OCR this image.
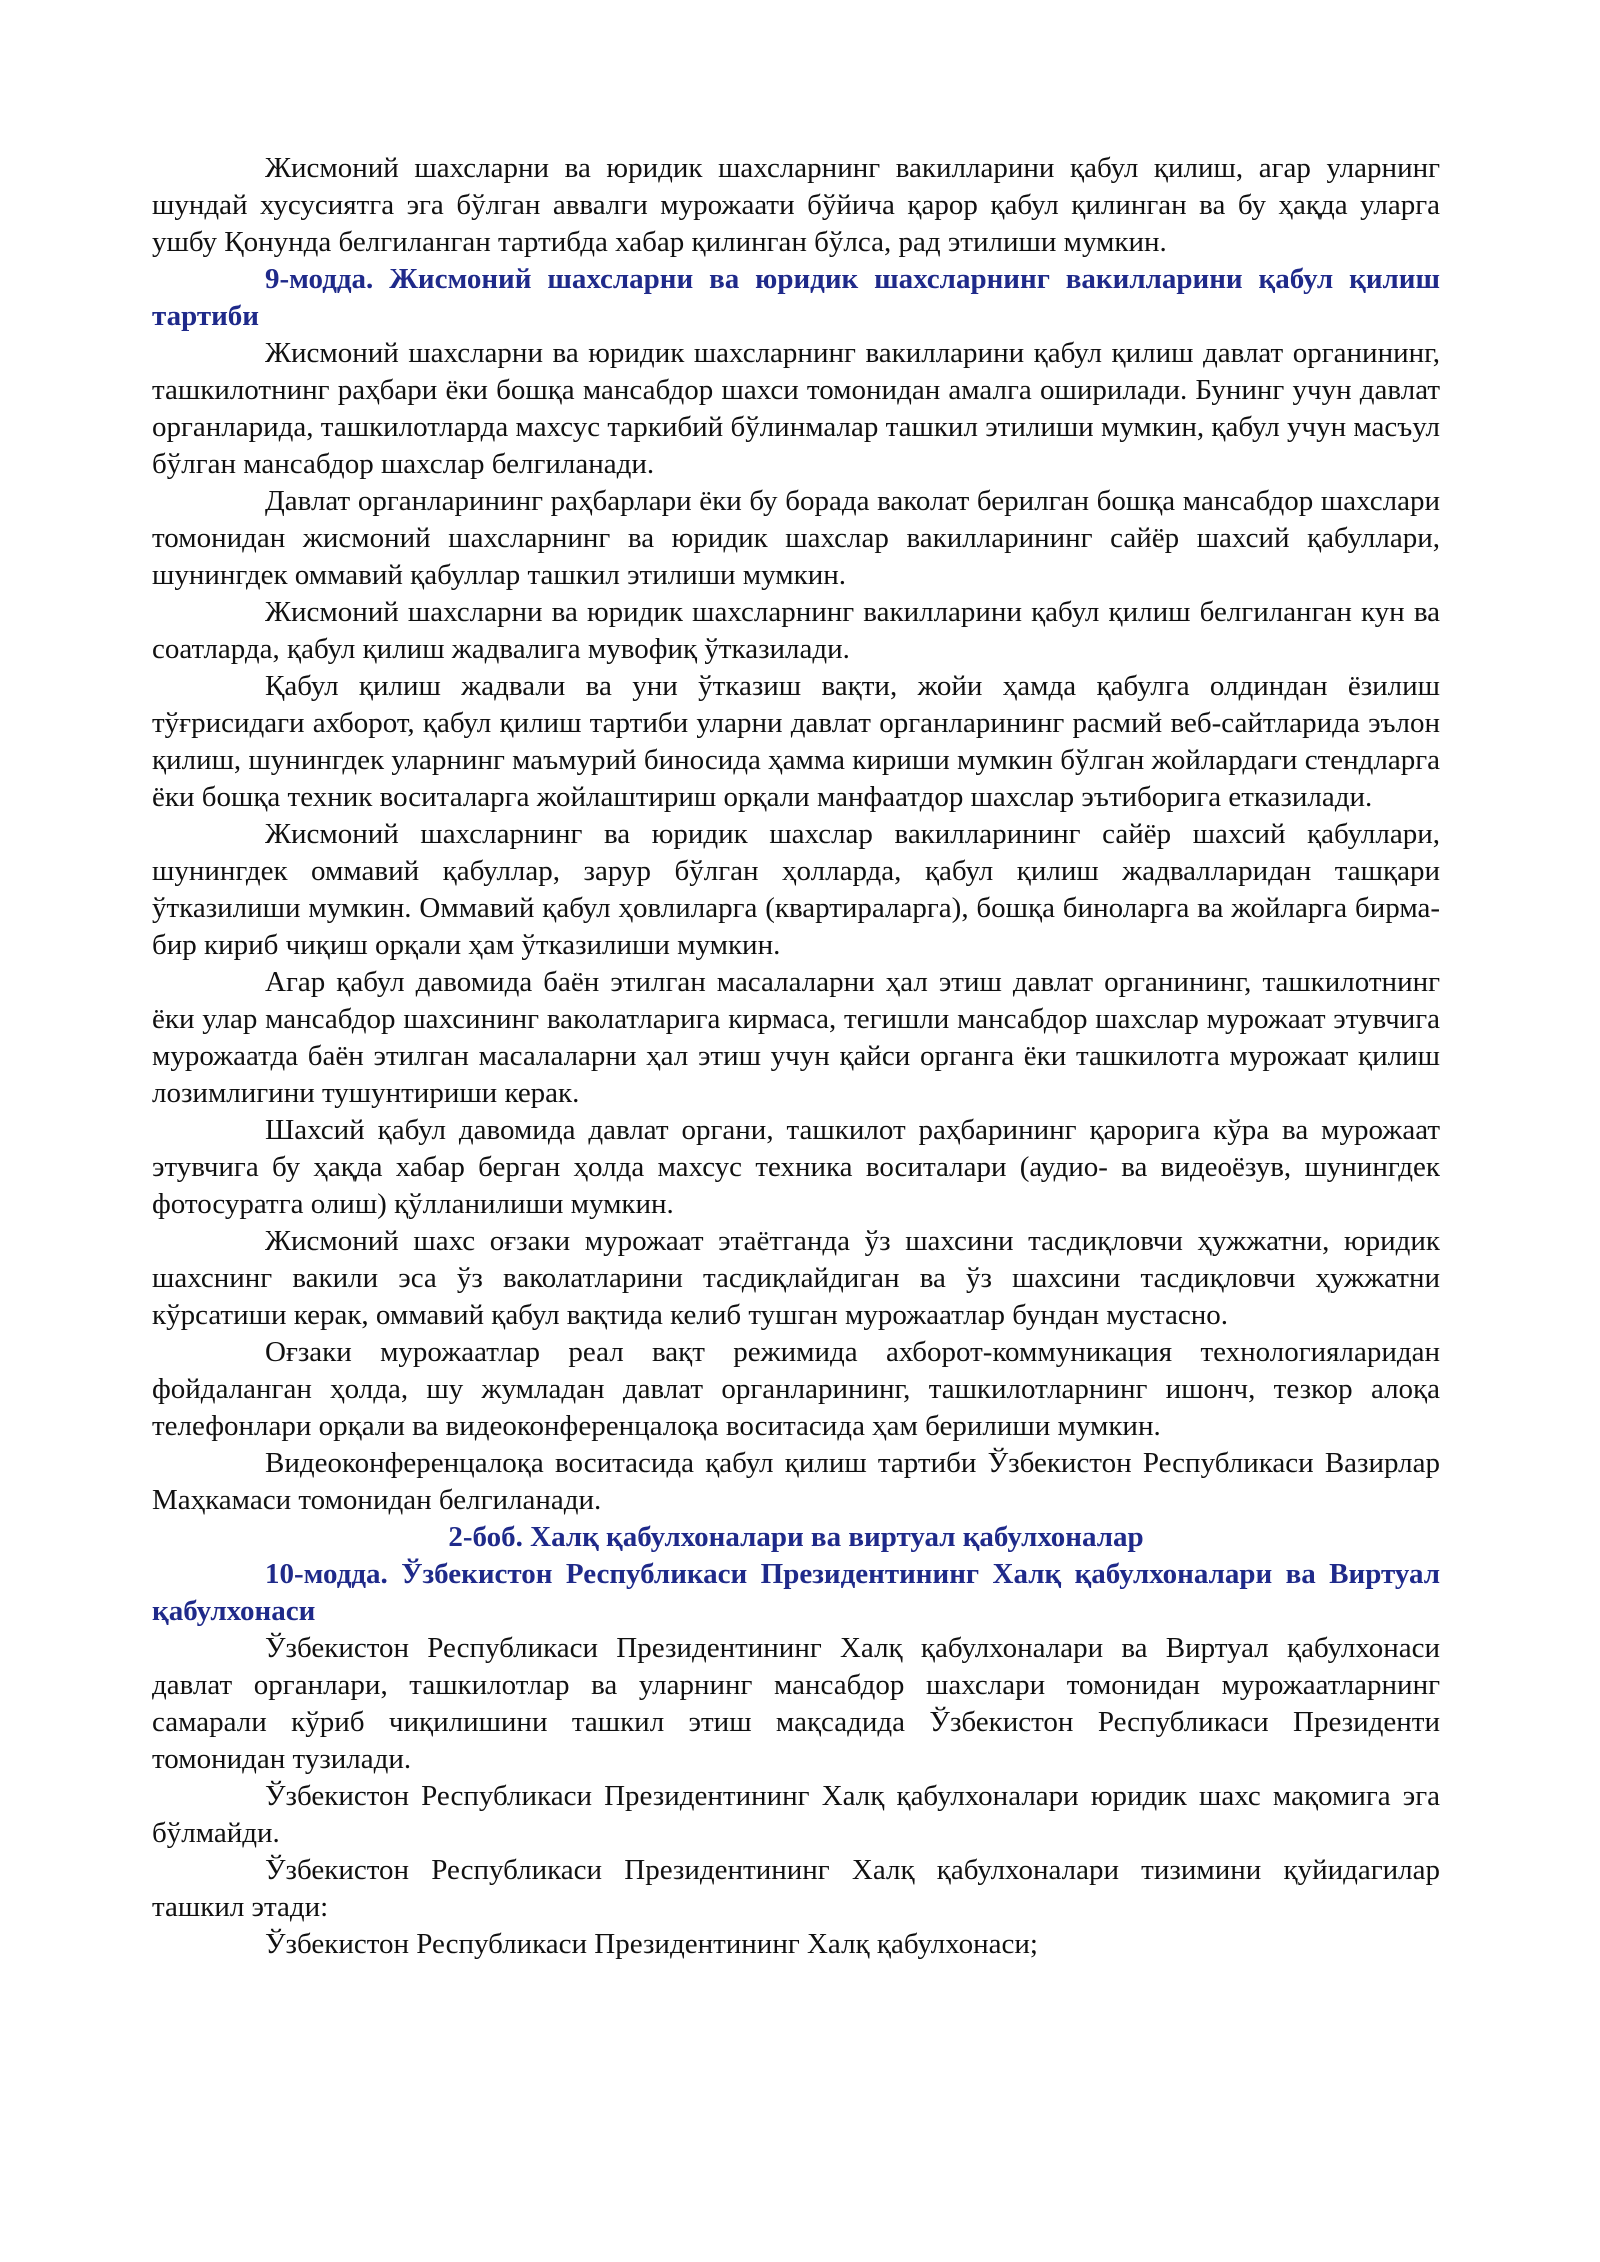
Жисмоний шахсларни ва юридик шахсларнинг вакилларини қабул қилиш, агар уларнинг шундай хусусиятга эга бўлган аввалги мурожаати бўйича қарор қабул қилинган ва бу ҳақда уларга ушбу Қонунда белгиланган тартибда хабар қилинган бўлса, рад этилиши мумкин.

9-модда. Жисмоний шахсларни ва юридик шахсларнинг вакилларини қабул қилиш тартиби

Жисмоний шахсларни ва юридик шахсларнинг вакилларини қабул қилиш давлат органининг, ташкилотнинг раҳбари ёки бошқа мансабдор шахси томонидан амалга оширилади. Бунинг учун давлат органларида, ташкилотларда махсус таркибий бўлинмалар ташкил этилиши мумкин, қабул учун масъул бўлган мансабдор шахслар белгиланади.

Давлат органларининг раҳбарлари ёки бу борада ваколат берилган бошқа мансабдор шахслари томонидан жисмоний шахсларнинг ва юридик шахслар вакилларининг сайёр шахсий қабуллари, шунингдек оммавий қабуллар ташкил этилиши мумкин.

Жисмоний шахсларни ва юридик шахсларнинг вакилларини қабул қилиш белгиланган кун ва соатларда, қабул қилиш жадвалига мувофиқ ўтказилади.

Қабул қилиш жадвали ва уни ўтказиш вақти, жойи ҳамда қабулга олдиндан ёзилиш тўғрисидаги ахборот, қабул қилиш тартиби уларни давлат органларининг расмий веб-сайтларида эълон қилиш, шунингдек уларнинг маъмурий биносида ҳамма кириши мумкин бўлган жойлардаги стендларга ёки бошқа техник воситаларга жойлаштириш орқали манфаатдор шахслар эътиборига етказилади.

Жисмоний шахсларнинг ва юридик шахслар вакилларининг сайёр шахсий қабуллари, шунингдек оммавий қабуллар, зарур бўлган ҳолларда, қабул қилиш жадвалларидан ташқари ўтказилиши мумкин. Оммавий қабул ҳовлиларга (квартираларга), бошқа биноларга ва жойларга бирма-бир кириб чиқиш орқали ҳам ўтказилиши мумкин.

Агар қабул давомида баён этилган масалаларни ҳал этиш давлат органининг, ташкилотнинг ёки улар мансабдор шахсининг ваколатларига кирмаса, тегишли мансабдор шахслар мурожаат этувчига мурожаатда баён этилган масалаларни ҳал этиш учун қайси органга ёки ташкилотга мурожаат қилиш лозимлигини тушунтириши керак.

Шахсий қабул давомида давлат органи, ташкилот раҳбарининг қарорига кўра ва мурожаат этувчига бу ҳақда хабар берган ҳолда махсус техника воситалари (аудио- ва видеоёзув, шунингдек фотосуратга олиш) қўлланилиши мумкин.

Жисмоний шахс оғзаки мурожаат этаётганда ўз шахсини тасдиқловчи ҳужжатни, юридик шахснинг вакили эса ўз ваколатларини тасдиқлайдиган ва ўз шахсини тасдиқловчи ҳужжатни кўрсатиши керак, оммавий қабул вақтида келиб тушган мурожаатлар бундан мустасно.

Оғзаки мурожаатлар реал вақт режимида ахборот-коммуникация технологияларидан фойдаланган ҳолда, шу жумладан давлат органларининг, ташкилотларнинг ишонч, тезкор алоқа телефонлари орқали ва видеоконференцалоқа воситасида ҳам берилиши мумкин.

Видеоконференцалоқа воситасида қабул қилиш тартиби Ўзбекистон Республикаси Вазирлар Маҳкамаси томонидан белгиланади.

2-боб. Халқ қабулхоналари ва виртуал қабулхоналар

10-модда. Ўзбекистон Республикаси Президентининг Халқ қабулхоналари ва Виртуал қабулхонаси

Ўзбекистон Республикаси Президентининг Халқ қабулхоналари ва Виртуал қабулхонаси давлат органлари, ташкилотлар ва уларнинг мансабдор шахслари томонидан мурожаатларнинг самарали кўриб чиқилишини ташкил этиш мақсадида Ўзбекистон Республикаси Президенти томонидан тузилади.

Ўзбекистон Республикаси Президентининг Халқ қабулхоналари юридик шахс мақомига эга бўлмайди.

Ўзбекистон Республикаси Президентининг Халқ қабулхоналари тизимини қуйидагилар ташкил этади:

Ўзбекистон Республикаси Президентининг Халқ қабулхонаси;
